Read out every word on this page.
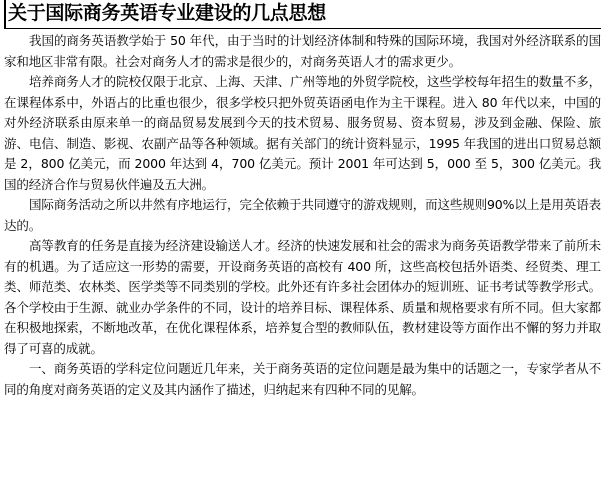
关于国际商务英语专业建设的几点思想

我国的商务英语教学始于 50 年代，由于当时的计划经济体制和特殊的国际环境，我国对外经济联系的国家和地区非常有限。社会对商务人才的需求是很少的，对商务英语人才的需求更少。

培养商务人才的院校仅限于北京、上海、天津、广州等地的外贸学院校，这些学校每年招生的数量不多，在课程体系中，外语占的比重也很少，很多学校只把外贸英语函电作为主干课程。进入 80 年代以来，中国的对外经济联系由原来单一的商品贸易发展到今天的技术贸易、服务贸易、资本贸易，涉及到金融、保险、旅游、电信、制造、影视、农副产品等各种领域。据有关部门的统计资料显示，1995 年我国的进出口贸易总额是 2，800 亿美元，而 2000 年达到 4，700 亿美元。预计 2001 年可达到 5，000 至 5，300 亿美元。我国的经济合作与贸易伙伴遍及五大洲。

国际商务活动之所以井然有序地运行，完全依赖于共同遵守的游戏规则，而这些规则90%以上是用英语表达的。

高等教育的任务是直接为经济建设输送人才。经济的快速发展和社会的需求为商务英语教学带来了前所未有的机遇。为了适应这一形势的需要，开设商务英语的高校有 400 所，这些高校包括外语类、经贸类、理工类、师范类、农林类、医学类等不同类别的学校。此外还有许多社会团体办的短训班、证书考试等教学形式。各个学校由于生源、就业办学条件的不同，设计的培养目标、课程体系、质量和规格要求有所不同。但大家都在积极地探索，不断地改革，在优化课程体系，培养复合型的教师队伍，教材建设等方面作出不懈的努力并取得了可喜的成就。

一、商务英语的学科定位问题近几年来，关于商务英语的定位问题是最为集中的话题之一，专家学者从不同的角度对商务英语的定义及其内涵作了描述，归纳起来有四种不同的见解。
